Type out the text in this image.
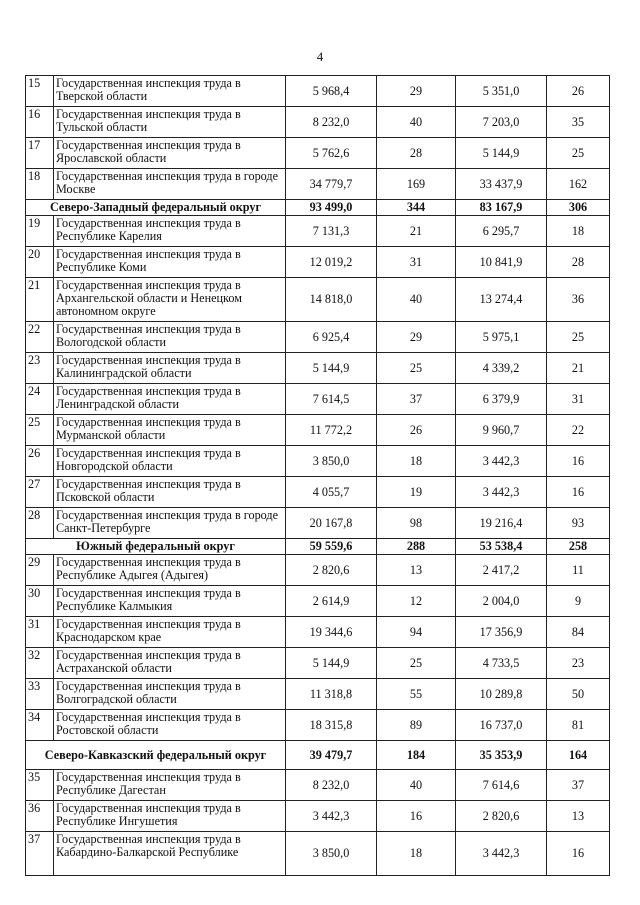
4
15	Государственная инспекция труда в Тверской области	5 968,4	29	5 351,0	26
16	Государственная инспекция труда в Тульской области	8 232,0	40	7 203,0	35
17	Государственная инспекция труда в Ярославской области	5 762,6	28	5 144,9	25
18	Государственная инспекция труда в городе Москве	34 779,7	169	33 437,9	162
Северо-Западный федеральный округ		93 499,0	344	83 167,9	306
19	Государственная инспекция труда в Республике Карелия	7 131,3	21	6 295,7	18
20	Государственная инспекция труда в Республике Коми	12 019,2	31	10 841,9	28
21	Государственная инспекция труда в Архангельской области и Ненецком автономном округе	14 818,0	40	13 274,4	36
22	Государственная инспекция труда в Вологодской области	6 925,4	29	5 975,1	25
23	Государственная инспекция труда в Калининградской области	5 144,9	25	4 339,2	21
24	Государственная инспекция труда в Ленинградской области	7 614,5	37	6 379,9	31
25	Государственная инспекция труда в Мурманской области	11 772,2	26	9 960,7	22
26	Государственная инспекция труда в Новгородской области	3 850,0	18	3 442,3	16
27	Государственная инспекция труда в Псковской области	4 055,7	19	3 442,3	16
28	Государственная инспекция труда в городе Санкт-Петербурге	20 167,8	98	19 216,4	93
Южный федеральный округ		59 559,6	288	53 538,4	258
29	Государственная инспекция труда в Республике Адыгея (Адыгея)	2 820,6	13	2 417,2	11
30	Государственная инспекция труда в Республике Калмыкия	2 614,9	12	2 004,0	9
31	Государственная инспекция труда в Краснодарском крае	19 344,6	94	17 356,9	84
32	Государственная инспекция труда в Астраханской области	5 144,9	25	4 733,5	23
33	Государственная инспекция труда в Волгоградской области	11 318,8	55	10 289,8	50
34	Государственная инспекция труда в Ростовской области	18 315,8	89	16 737,0	81
Северо-Кавказский федеральный округ		39 479,7	184	35 353,9	164
35	Государственная инспекция труда в Республике Дагестан	8 232,0	40	7 614,6	37
36	Государственная инспекция труда в Республике Ингушетия	3 442,3	16	2 820,6	13
37	Государственная инспекция труда в Кабардино-Балкарской Республике	3 850,0	18	3 442,3	16
